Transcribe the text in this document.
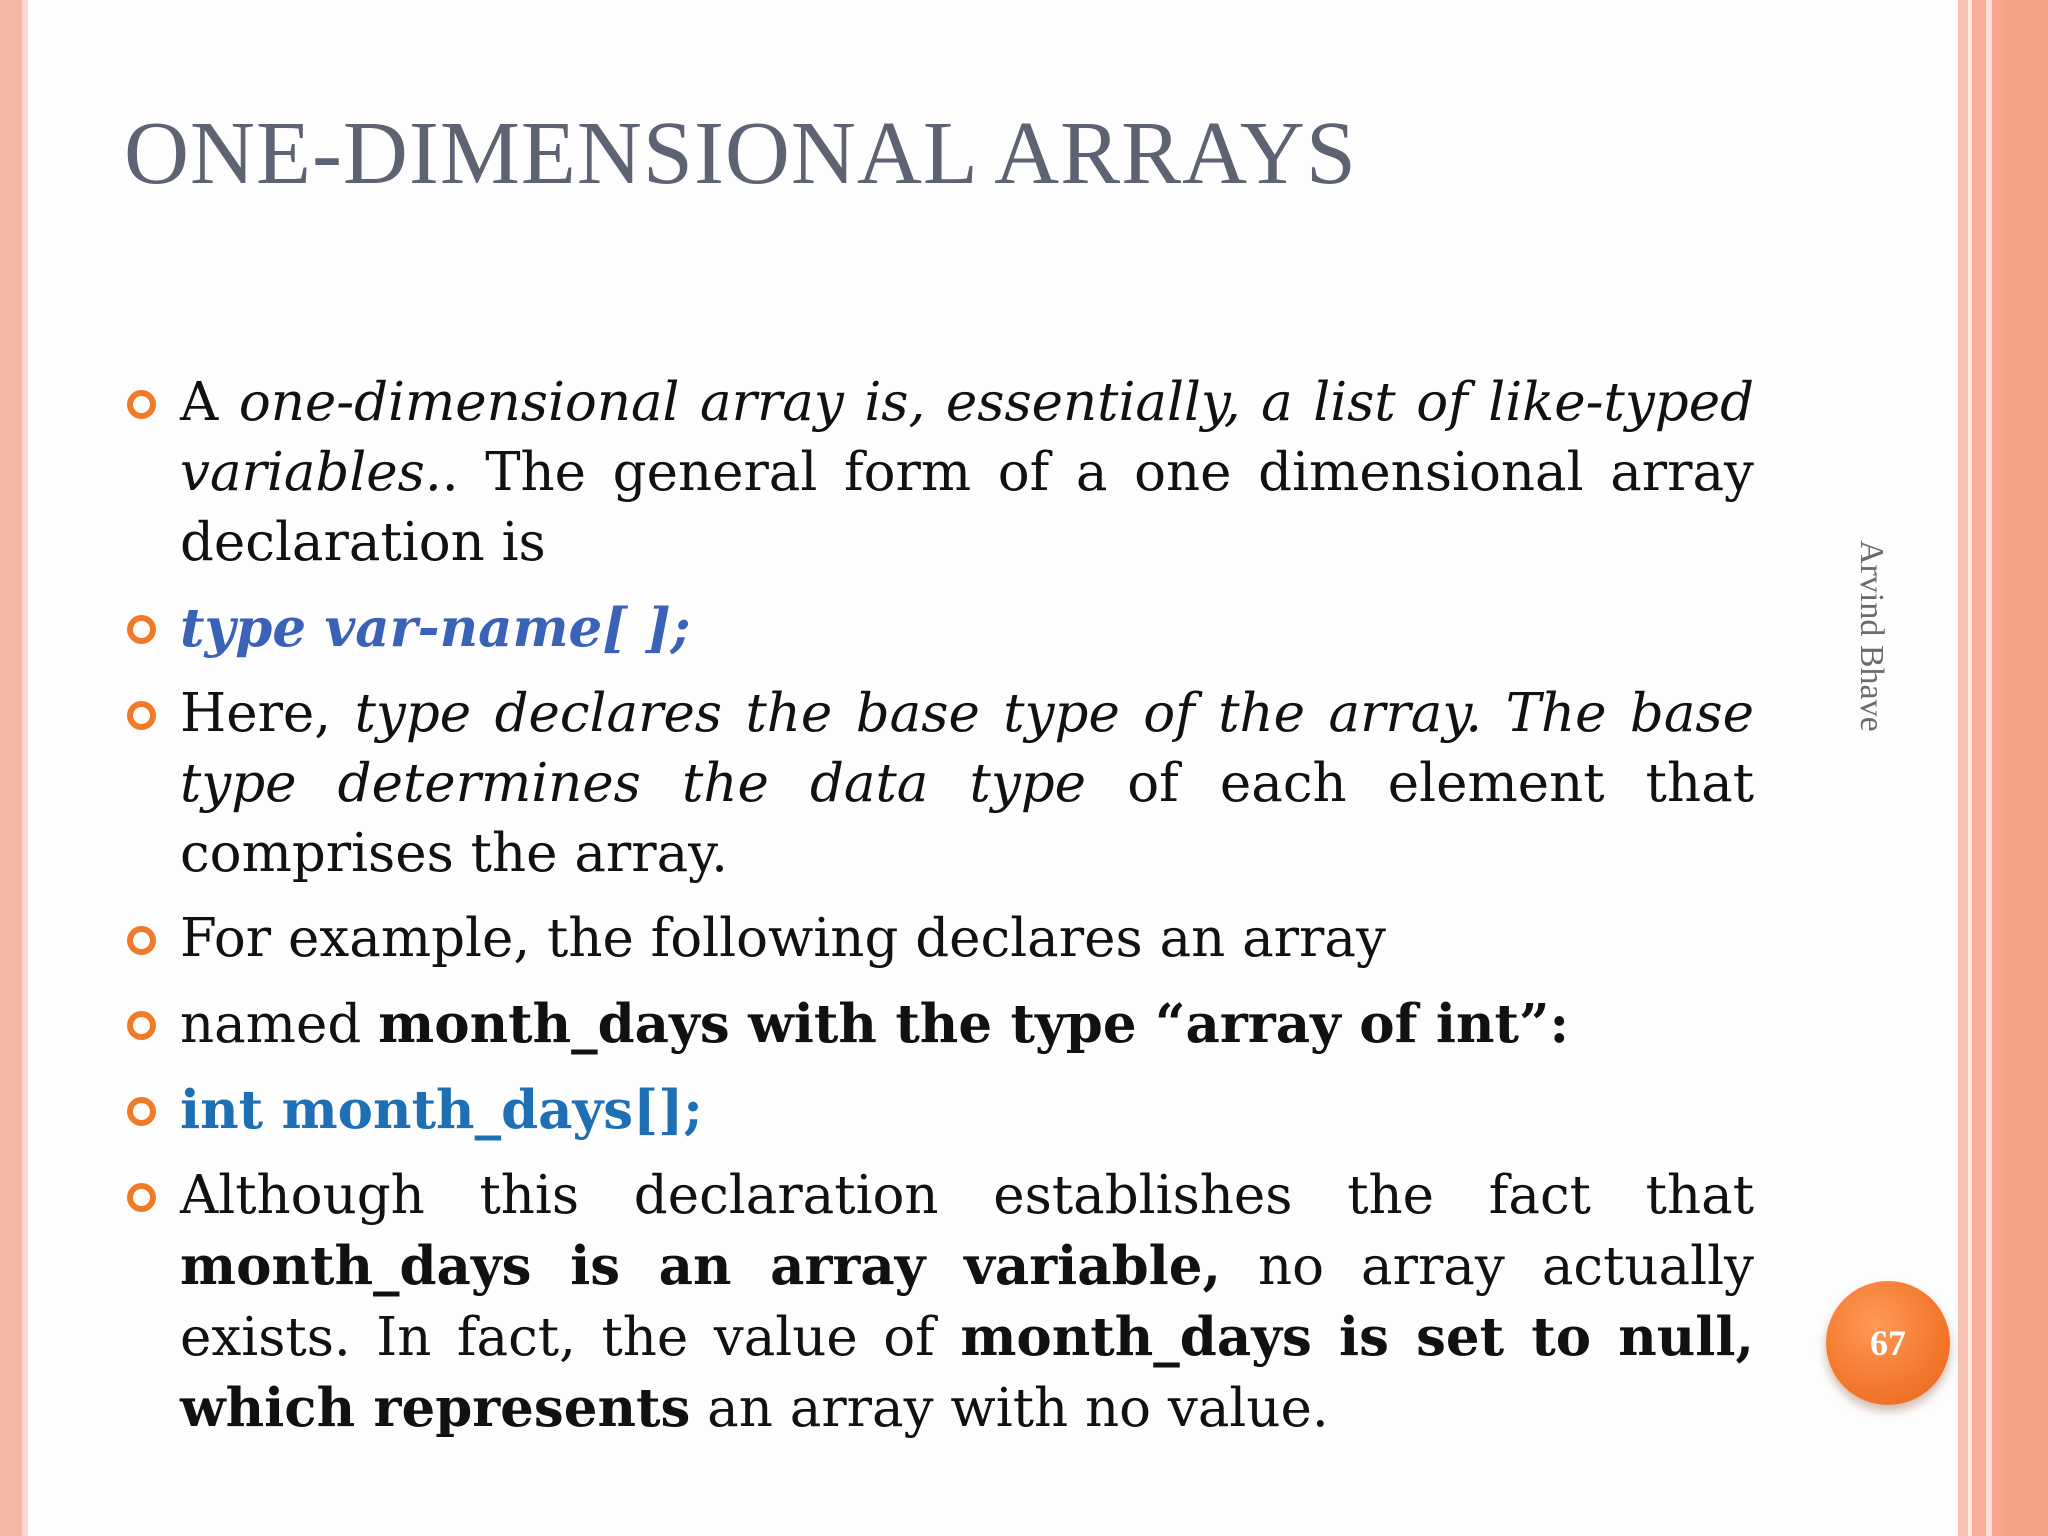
ONE-DIMENSIONAL ARRAYS
A one-dimensional array is, essentially, a list of like-typed variables.. The general form of a one dimensional array declaration is
type var-name[ ];
Here, type declares the base type of the array. The base type determines the data type of each element that comprises the array.
For example, the following declares an array
named month_days with the type “array of int”:
int month_days[];
Although this declaration establishes the fact that month_days is an array variable, no array actually exists. In fact, the value of month_days is set to null, which represents an array with no value.
Arvind Bhave
67
